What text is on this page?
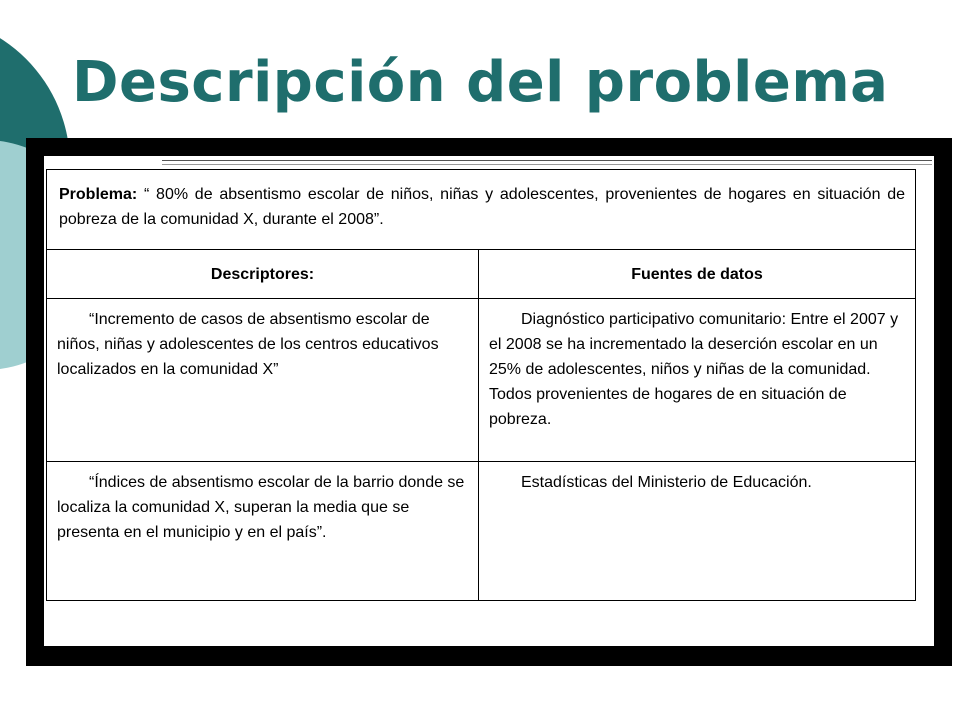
Descripción del problema
Problema: “ 80% de absentismo escolar de niños, niñas y adolescentes, provenientes de hogares en situación de pobreza de la comunidad X, durante el 2008”.	
Descriptores:	Fuentes de datos
“Incremento de casos de absentismo escolar de niños, niñas y adolescentes de los centros educativos localizados en la comunidad X”	Diagnóstico participativo comunitario: Entre el 2007 y el 2008 se ha incrementado la deserción escolar en un 25% de adolescentes, niños y niñas de la comunidad. Todos provenientes de hogares de en situación de pobreza.
“Índices de absentismo escolar de la barrio donde se localiza la comunidad X, superan la media que se presenta en el municipio y en el país”.	Estadísticas del Ministerio de Educación.
